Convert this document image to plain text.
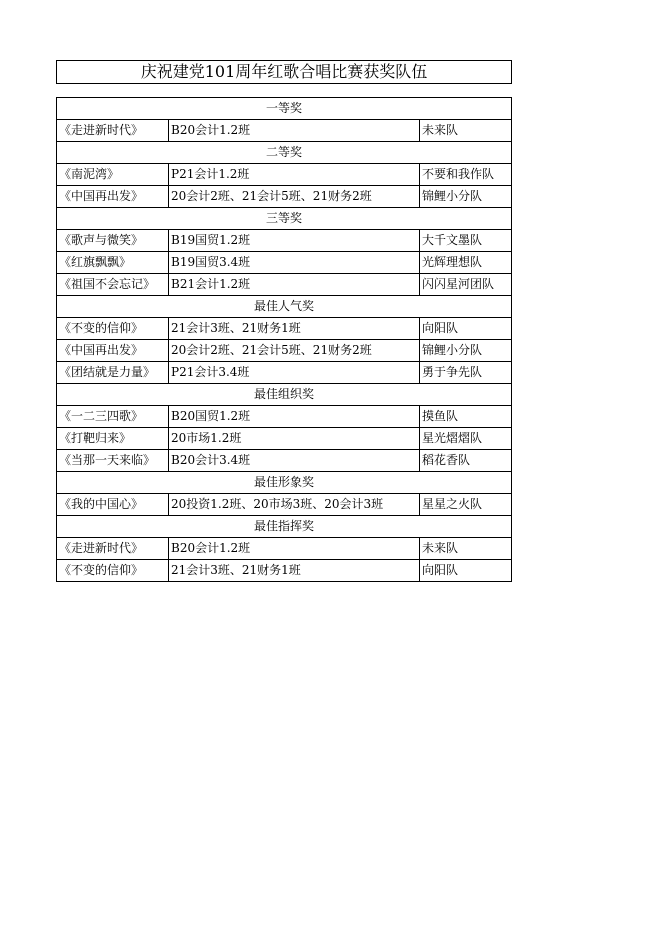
庆祝建党101周年红歌合唱比赛获奖队伍
一等奖		
《走进新时代》	B20会计1.2班	未来队
二等奖		
《南泥湾》	P21会计1.2班	不要和我作队
《中国再出发》	20会计2班、21会计5班、21财务2班	锦鲤小分队
三等奖		
《歌声与微笑》	B19国贸1.2班	大千文墨队
《红旗飘飘》	B19国贸3.4班	光辉理想队
《祖国不会忘记》	B21会计1.2班	闪闪星河团队
最佳人气奖		
《不变的信仰》	21会计3班、21财务1班	向阳队
《中国再出发》	20会计2班、21会计5班、21财务2班	锦鲤小分队
《团结就是力量》	P21会计3.4班	勇于争先队
最佳组织奖		
《一二三四歌》	B20国贸1.2班	摸鱼队
《打靶归来》	20市场1.2班	星光熠熠队
《当那一天来临》	B20会计3.4班	稻花香队
最佳形象奖		
《我的中国心》	20投资1.2班、20市场3班、20会计3班	星星之火队
最佳指挥奖		
《走进新时代》	B20会计1.2班	未来队
《不变的信仰》	21会计3班、21财务1班	向阳队
